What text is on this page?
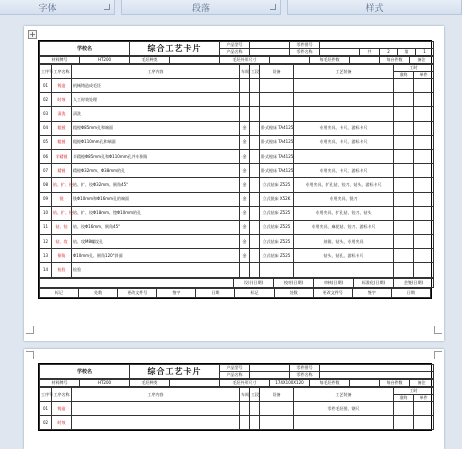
字体	段落	样式
+
学校名	综合工艺卡片	产品型号		零件图号					
		产品名称		零件名称		共	2	第	1
材料牌号	HT200	毛坯种类		毛坯外形尺寸		每毛坯件数		每台件数	备注
工序号	工序名称	工序内容	车间	工段	设备	工艺装备	工时	
							准终	单件
01	铸造	机械铸造成毛坯						
02	时效	人工时效处理						
03	清洗	清洗						
04	粗镗	粗镗Φ85mm孔和端面	金		卧式镗床 TA4125	专用夹具、卡尺、游标卡尺		
05	粗镗	粗镗Φ110mm孔和端面	金		卧式镗床 TA4125	专用夹具、卡尺、游标卡尺		
06	半精镗	半精镗Φ85mm孔和Φ110mm孔并车倒角	金		卧式镗床 TA4125			
07	精镗	精镗Φ32mm、Φ38mm的孔	金		卧式镗床 TA4125	专用夹具、卡尺、游标卡尺		
08	钻、扩、铰	钻、扩、铰Φ32mm、倒角45°	金		立式钻床 Z525	专用夹具、扩孔钻、铰刀、钻头、游标卡尺		
09	铣	铣Φ10mm和Φ16mm孔的端面	金		立式铣床 X52K	专用夹具、铣刀		
10	钻、扩、铰	钻、扩、铰Φ18mm、锪Φ10mm的孔	金		立式钻床 Z525	专用夹具、扩孔钻、铰刀、钻头		
11	钻、铰	钻、铰Φ16mm、倒角45°	金		立式钻床 Z525	专用夹具、麻花钻、铰刀、游标卡尺		
12	钻、攻	钻、攻M8螺纹孔	金		立式钻床 Z525	丝锥、钻头、专用夹具		
13	倒角	Φ10mm孔、倒角120°斜面	金		立式钻床 Z525	钻头、钻孔、游标卡尺		
14	检验	检验						
	设计(日期)	校对(日期)	审核(日期)	标准化(日期)	会签(日期)
标记	处数	更改文件号	签字	日期	标记	处数	更改文件号	签字	日期
学校名	综合工艺卡片	产品型号		零件图号	
		产品名称		零件名称	
材料牌号	HT200	毛坯种类		毛坯外形尺寸	174X100X120	每毛坯件数		每台件数	备注
工序号	工序名称	工序内容	车间	工段	设备	工艺装备	工时	
							准终	单件
01	铸造					零件毛坯图、钢尺		
02	时效							
